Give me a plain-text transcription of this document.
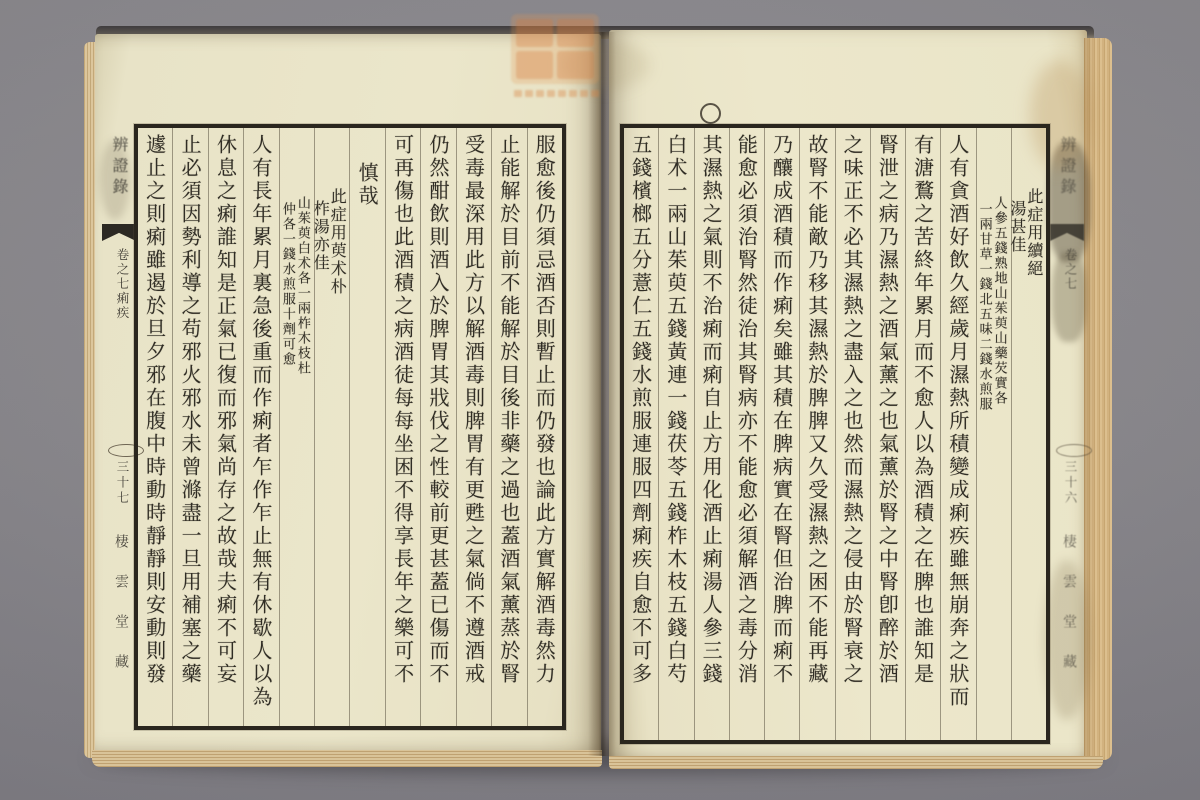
辨證錄
卷之七
三十六
棲雲堂藏
辨證錄
卷之七痢疾
三十七
棲雲堂藏
此症用續絕
湯甚佳
人參五錢熟地山茱萸山藥芡實各
一兩甘草一錢北五味二錢水煎服
人有貪酒好飲久經歲月濕熱所積變成痢疾雖無崩奔之狀而
有溏鶩之苦終年累月而不愈人以為酒積之在脾也誰知是
腎泄之病乃濕熱之酒氣薰之也氣薰於腎之中腎卽醉於酒
之味正不必其濕熱之盡入之也然而濕熱之侵由於腎衰之
故腎不能敵乃移其濕熱於脾脾又久受濕熱之困不能再藏
乃釀成酒積而作痢矣雖其積在脾病實在腎但治脾而痢不
能愈必須治腎然徒治其腎病亦不能愈必須解酒之毒分消
其濕熱之氣則不治痢而痢自止方用化酒止痢湯人參三錢
白术一兩山茱萸五錢黃連一錢茯苓五錢柞木枝五錢白芍
五錢檳榔五分薏仁五錢水煎服連服四劑痢疾自愈不可多
服愈後仍須忌酒否則暫止而仍發也論此方實解酒毒然力
止能解於目前不能解於目後非藥之過也蓋酒氣薰蒸於腎
受毒最深用此方以解酒毒則脾胃有更甦之氣倘不遵酒戒
仍然酣飲則酒入於脾胃其戕伐之性較前更甚蓋已傷而不
可再傷也此酒積之病酒徒每每坐困不得享長年之樂可不
慎哉
此症用萸术朴
柞湯亦佳
山茱萸白术各一兩柞木枝杜
仲各一錢水煎服十劑可愈
人有長年累月裏急後重而作痢者乍作乍止無有休歇人以為
休息之痢誰知是正氣已復而邪氣尚存之故哉夫痢不可妄
止必須因勢利導之苟邪火邪水未曾滌盡一旦用補塞之藥
遽止之則痢雖遏於旦夕邪在腹中時動時靜靜則安動則發
